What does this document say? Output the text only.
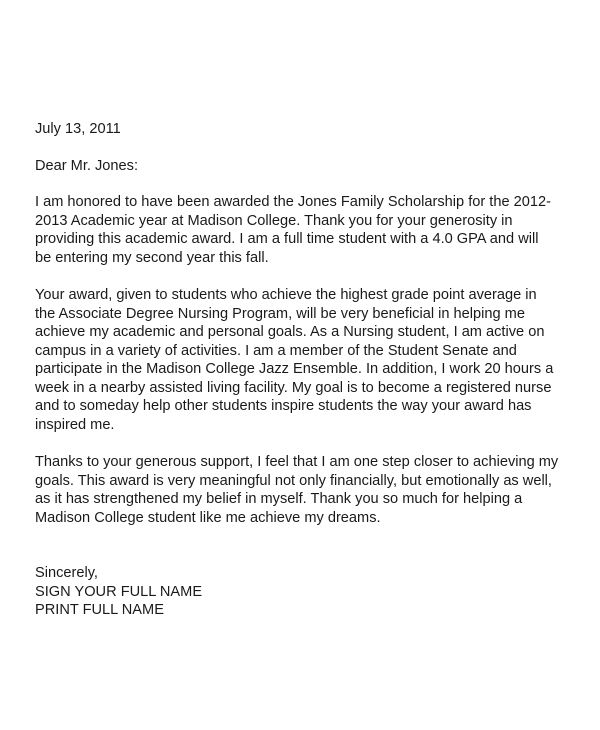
July 13, 2011
Dear Mr. Jones:
I am honored to have been awarded the Jones Family Scholarship for the 2012-
2013 Academic year at Madison College. Thank you for your generosity in
providing this academic award. I am a full time student with a 4.0 GPA and will
be entering my second year this fall.
Your award, given to students who achieve the highest grade point average in
the Associate Degree Nursing Program, will be very beneficial in helping me
achieve my academic and personal goals. As a Nursing student, I am active on
campus in a variety of activities. I am a member of the Student Senate and
participate in the Madison College Jazz Ensemble. In addition, I work 20 hours a
week in a nearby assisted living facility. My goal is to become a registered nurse
and to someday help other students inspire students the way your award has
inspired me.
Thanks to your generous support, I feel that I am one step closer to achieving my
goals. This award is very meaningful not only financially, but emotionally as well,
as it has strengthened my belief in myself. Thank you so much for helping a
Madison College student like me achieve my dreams.
Sincerely,
SIGN YOUR FULL NAME
PRINT FULL NAME
